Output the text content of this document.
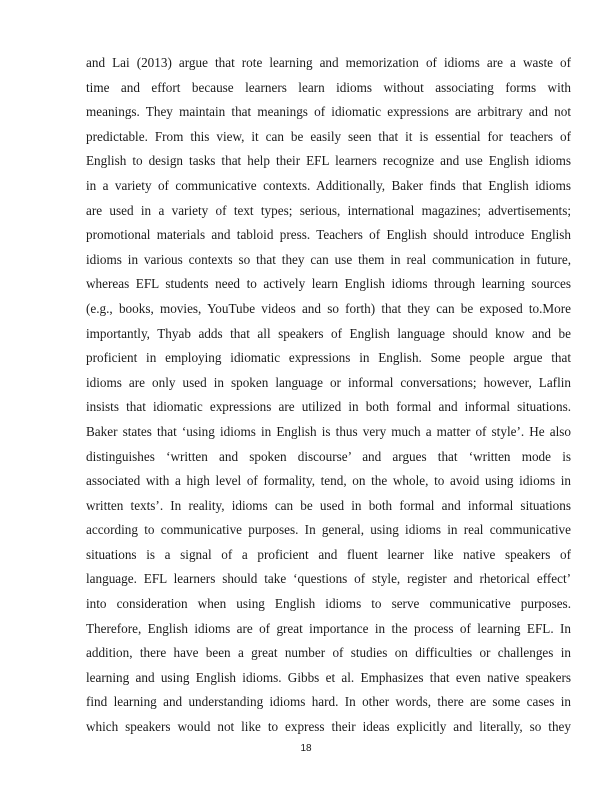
and Lai (2013) argue that rote learning and memorization of idioms are a waste of
time and effort because learners learn idioms without associating forms with
meanings. They maintain that meanings of idiomatic expressions are arbitrary and not
predictable. From this view, it can be easily seen that it is essential for teachers of
English to design tasks that help their EFL learners recognize and use English idioms
in a variety of communicative contexts. Additionally, Baker finds that English idioms
are used in a variety of text types; serious, international magazines; advertisements;
promotional materials and tabloid press. Teachers of English should introduce English
idioms in various contexts so that they can use them in real communication in future,
whereas EFL students need to actively learn English idioms through learning sources
(e.g., books, movies, YouTube videos and so forth) that they can be exposed to.More
importantly, Thyab adds that all speakers of English language should know and be
proficient in employing idiomatic expressions in English. Some people argue that
idioms are only used in spoken language or informal conversations; however, Laflin
insists that idiomatic expressions are utilized in both formal and informal situations.
Baker states that ‘using idioms in English is thus very much a matter of style’. He also
distinguishes ‘written and spoken discourse’ and argues that ‘written mode is
associated with a high level of formality, tend, on the whole, to avoid using idioms in
written texts’. In reality, idioms can be used in both formal and informal situations
according to communicative purposes. In general, using idioms in real communicative
situations is a signal of a proficient and fluent learner like native speakers of
language. EFL learners should take ‘questions of style, register and rhetorical effect’
into consideration when using English idioms to serve communicative purposes.
Therefore, English idioms are of great importance in the process of learning EFL. In
addition, there have been a great number of studies on difficulties or challenges in
learning and using English idioms. Gibbs et al. Emphasizes that even native speakers
find learning and understanding idioms hard. In other words, there are some cases in
which speakers would not like to express their ideas explicitly and literally, so they
18
